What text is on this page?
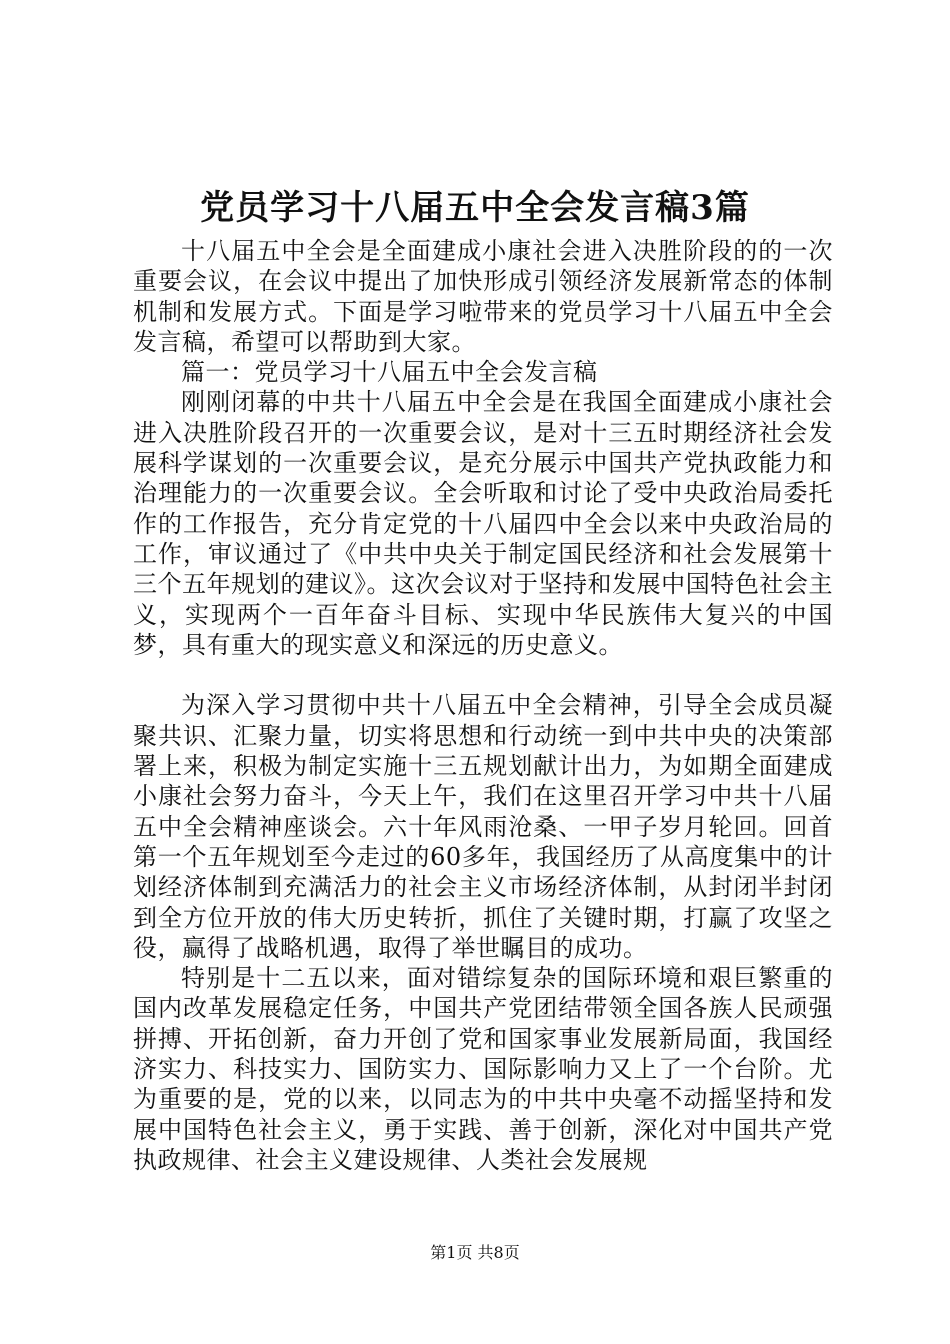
党员学习十八届五中全会发言稿3篇

十八届五中全会是全面建成小康社会进入决胜阶段的的一次重要会议，在会议中提出了加快形成引领经济发展新常态的体制机制和发展方式。下面是学习啦带来的党员学习十八届五中全会发言稿，希望可以帮助到大家。

篇一：党员学习十八届五中全会发言稿

刚刚闭幕的中共十八届五中全会是在我国全面建成小康社会进入决胜阶段召开的一次重要会议，是对十三五时期经济社会发展科学谋划的一次重要会议，是充分展示中国共产党执政能力和治理能力的一次重要会议。全会听取和讨论了受中央政治局委托作的工作报告，充分肯定党的十八届四中全会以来中央政治局的工作，审议通过了《中共中央关于制定国民经济和社会发展第十三个五年规划的建议》。这次会议对于坚持和发展中国特色社会主义，实现两个一百年奋斗目标、实现中华民族伟大复兴的中国梦，具有重大的现实意义和深远的历史意义。

为深入学习贯彻中共十八届五中全会精神，引导全会成员凝聚共识、汇聚力量，切实将思想和行动统一到中共中央的决策部署上来，积极为制定实施十三五规划献计出力，为如期全面建成小康社会努力奋斗，今天上午，我们在这里召开学习中共十八届五中全会精神座谈会。六十年风雨沧桑、一甲子岁月轮回。回首第一个五年规划至今走过的60多年，我国经历了从高度集中的计划经济体制到充满活力的社会主义市场经济体制，从封闭半封闭到全方位开放的伟大历史转折，抓住了关键时期，打赢了攻坚之役，赢得了战略机遇，取得了举世瞩目的成功。

特别是十二五以来，面对错综复杂的国际环境和艰巨繁重的国内改革发展稳定任务，中国共产党团结带领全国各族人民顽强拼搏、开拓创新，奋力开创了党和国家事业发展新局面，我国经济实力、科技实力、国防实力、国际影响力又上了一个台阶。尤为重要的是，党的以来，以同志为的中共中央毫不动摇坚持和发展中国特色社会主义，勇于实践、善于创新，深化对中国共产党执政规律、社会主义建设规律、人类社会发展规

第1页 共8页
